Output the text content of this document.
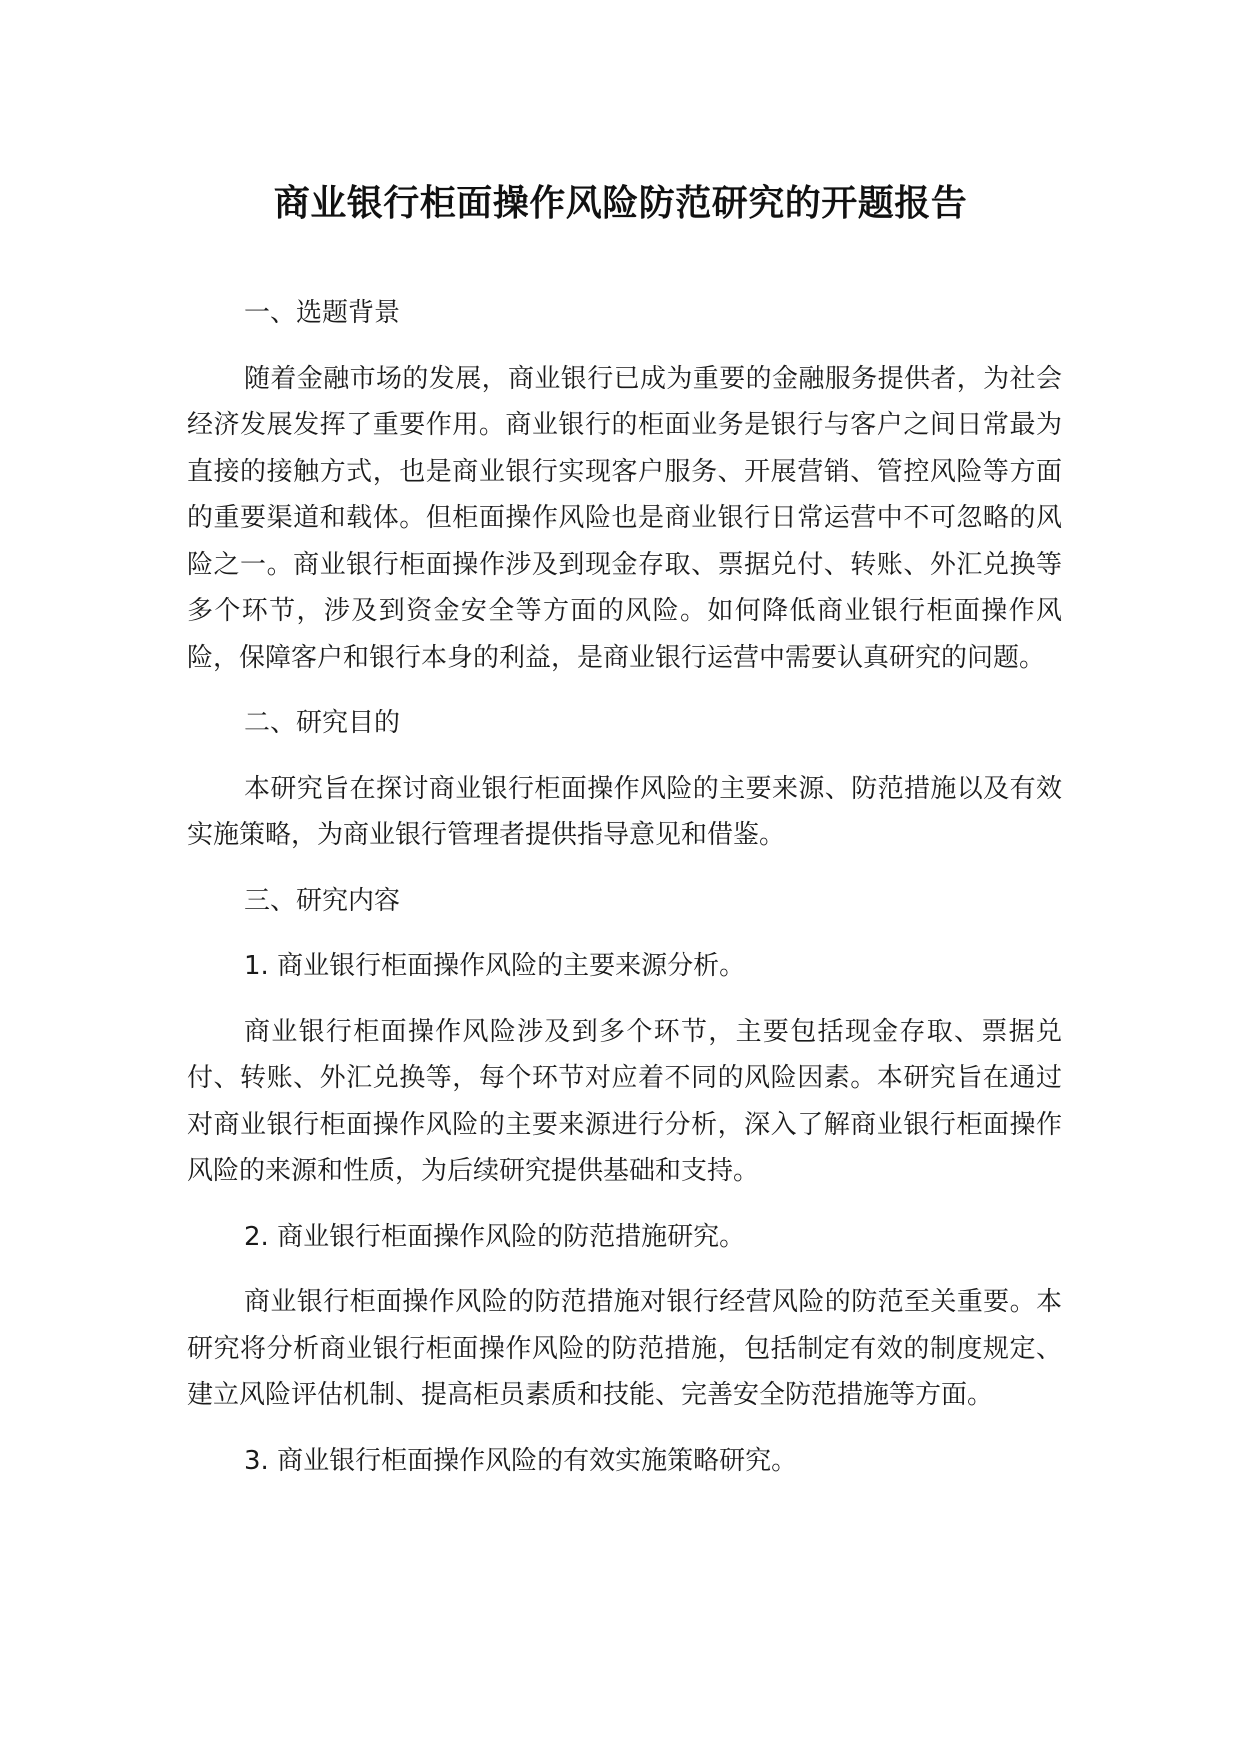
商业银行柜面操作风险防范研究的开题报告

一、选题背景

随着金融市场的发展，商业银行已成为重要的金融服务提供者，为社会经济发展发挥了重要作用。商业银行的柜面业务是银行与客户之间日常最为直接的接触方式，也是商业银行实现客户服务、开展营销、管控风险等方面的重要渠道和载体。但柜面操作风险也是商业银行日常运营中不可忽略的风险之一。商业银行柜面操作涉及到现金存取、票据兑付、转账、外汇兑换等多个环节，涉及到资金安全等方面的风险。如何降低商业银行柜面操作风险，保障客户和银行本身的利益，是商业银行运营中需要认真研究的问题。

二、研究目的

本研究旨在探讨商业银行柜面操作风险的主要来源、防范措施以及有效实施策略，为商业银行管理者提供指导意见和借鉴。

三、研究内容

1. 商业银行柜面操作风险的主要来源分析。

商业银行柜面操作风险涉及到多个环节，主要包括现金存取、票据兑付、转账、外汇兑换等，每个环节对应着不同的风险因素。本研究旨在通过对商业银行柜面操作风险的主要来源进行分析，深入了解商业银行柜面操作风险的来源和性质，为后续研究提供基础和支持。

2. 商业银行柜面操作风险的防范措施研究。

商业银行柜面操作风险的防范措施对银行经营风险的防范至关重要。本研究将分析商业银行柜面操作风险的防范措施，包括制定有效的制度规定、建立风险评估机制、提高柜员素质和技能、完善安全防范措施等方面。

3. 商业银行柜面操作风险的有效实施策略研究。
